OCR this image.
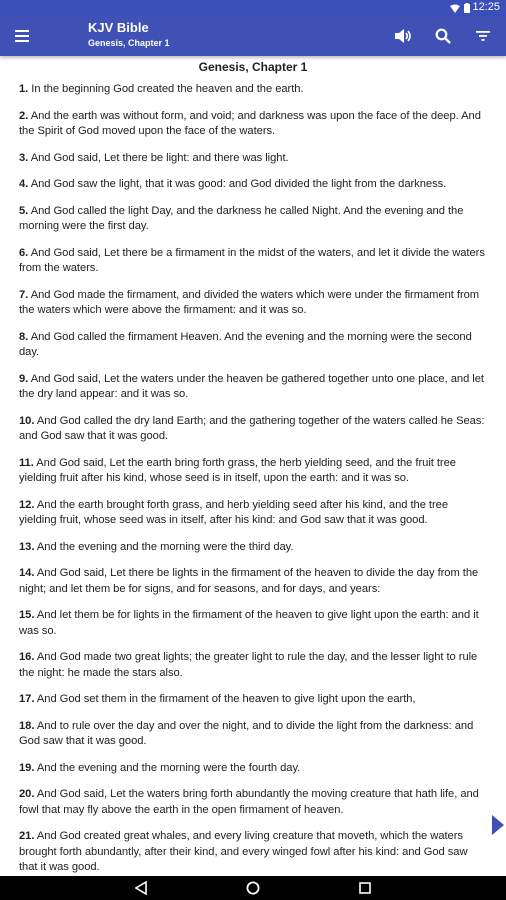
12:25
KJV Bible
Genesis, Chapter 1
Genesis, Chapter 1
1. In the beginning God created the heaven and the earth.
2. And the earth was without form, and void; and darkness was upon the face of the deep. And the Spirit of God moved upon the face of the waters.
3. And God said, Let there be light: and there was light.
4. And God saw the light, that it was good: and God divided the light from the darkness.
5. And God called the light Day, and the darkness he called Night. And the evening and the morning were the first day.
6. And God said, Let there be a firmament in the midst of the waters, and let it divide the waters from the waters.
7. And God made the firmament, and divided the waters which were under the firmament from the waters which were above the firmament: and it was so.
8. And God called the firmament Heaven. And the evening and the morning were the second day.
9. And God said, Let the waters under the heaven be gathered together unto one place, and let the dry land appear: and it was so.
10. And God called the dry land Earth; and the gathering together of the waters called he Seas: and God saw that it was good.
11. And God said, Let the earth bring forth grass, the herb yielding seed, and the fruit tree yielding fruit after his kind, whose seed is in itself, upon the earth: and it was so.
12. And the earth brought forth grass, and herb yielding seed after his kind, and the tree yielding fruit, whose seed was in itself, after his kind: and God saw that it was good.
13. And the evening and the morning were the third day.
14. And God said, Let there be lights in the firmament of the heaven to divide the day from the night; and let them be for signs, and for seasons, and for days, and years:
15. And let them be for lights in the firmament of the heaven to give light upon the earth: and it was so.
16. And God made two great lights; the greater light to rule the day, and the lesser light to rule the night: he made the stars also.
17. And God set them in the firmament of the heaven to give light upon the earth,
18. And to rule over the day and over the night, and to divide the light from the darkness: and God saw that it was good.
19. And the evening and the morning were the fourth day.
20. And God said, Let the waters bring forth abundantly the moving creature that hath life, and fowl that may fly above the earth in the open firmament of heaven.
21. And God created great whales, and every living creature that moveth, which the waters brought forth abundantly, after their kind, and every winged fowl after his kind: and God saw that it was good.
